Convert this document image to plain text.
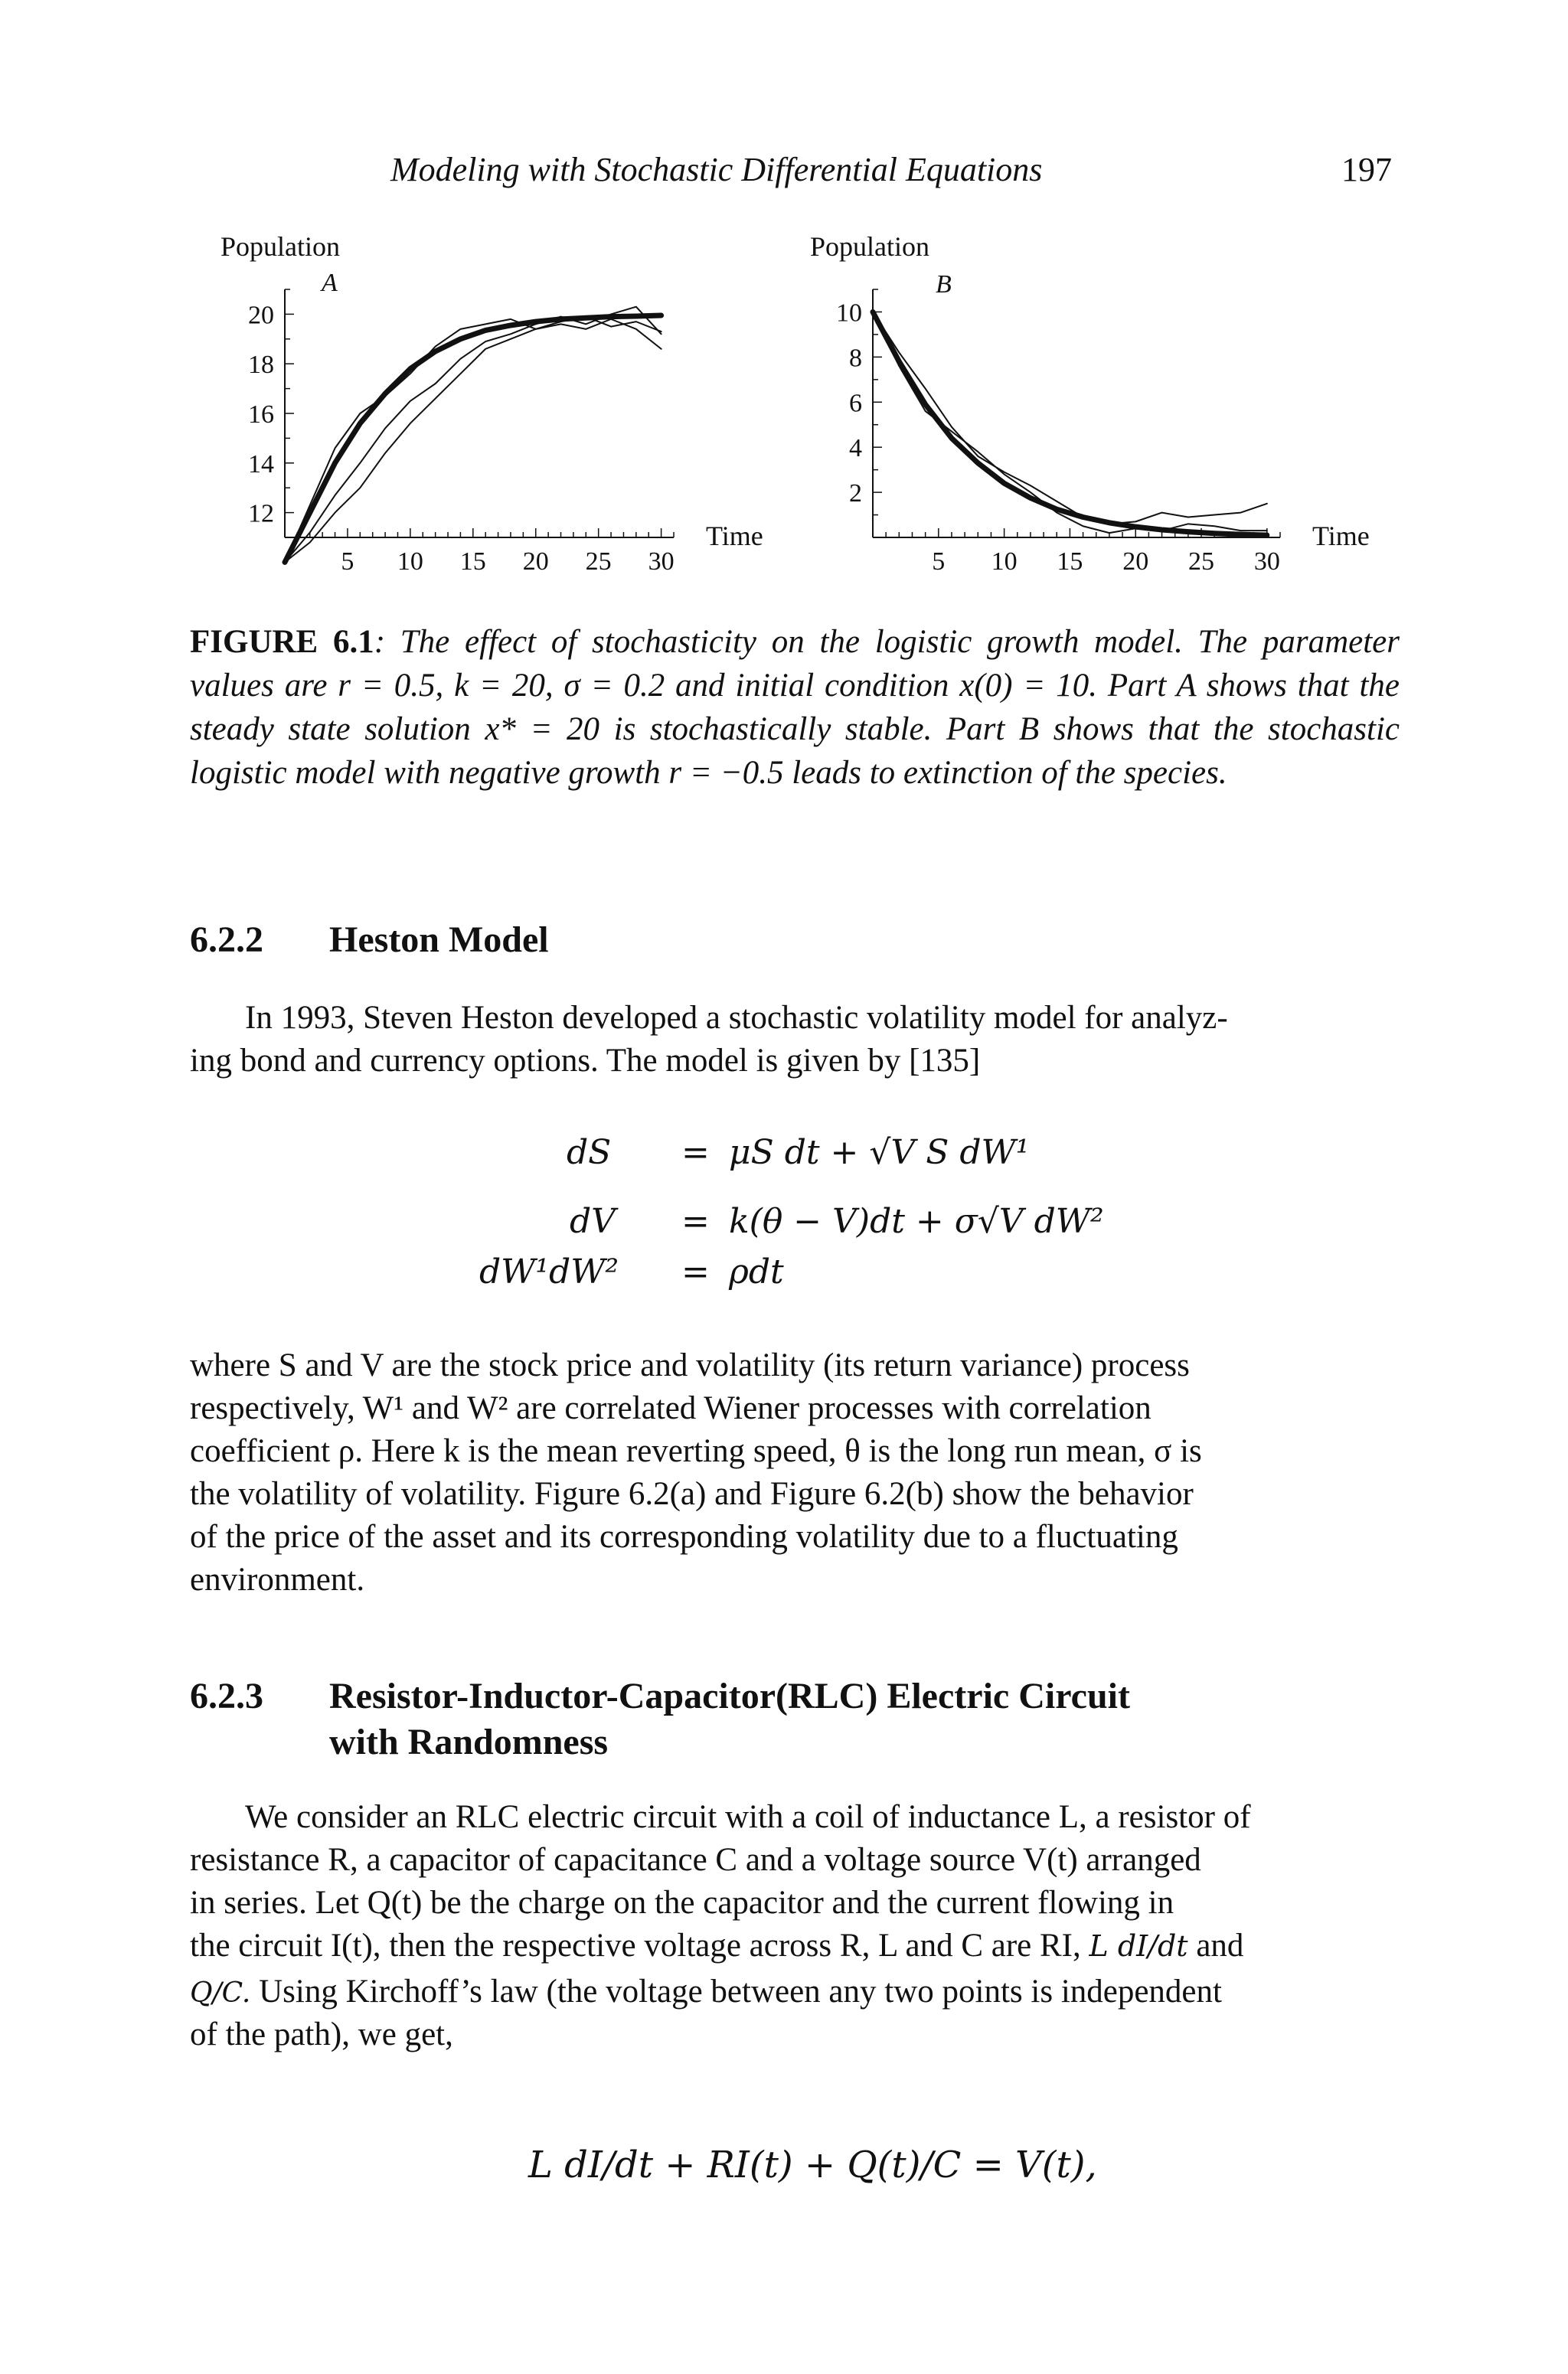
Modeling with Stochastic Differential Equations	197
Population
A
Time
5 10 15 20 25 30
12
14
16
18
20
Population
B
Time
5 10 15 20 25 30
2
4
6
8
10
FIGURE 6.1: The effect of stochasticity on the logistic growth model. The parameter values are r = 0.5, k = 20, σ = 0.2 and initial condition x(0) = 10. Part A shows that the steady state solution x* = 20 is stochastically stable. Part B shows that the stochastic logistic model with negative growth r = −0.5 leads to extinction of the species.
6.2.2 Heston Model
In 1993, Steven Heston developed a stochastic volatility model for analyz-
ing bond and currency options. The model is given by [135]
dS = μS dt + √V S dW¹
dV = k(θ − V)dt + σ√V dW²
dW¹dW² = ρdt
where S and V are the stock price and volatility (its return variance) process
respectively, W¹ and W² are correlated Wiener processes with correlation
coefficient ρ. Here k is the mean reverting speed, θ is the long run mean, σ is
the volatility of volatility. Figure 6.2(a) and Figure 6.2(b) show the behavior
of the price of the asset and its corresponding volatility due to a fluctuating
environment.
6.2.3 Resistor-Inductor-Capacitor(RLC) Electric Circuit
with Randomness
We consider an RLC electric circuit with a coil of inductance L, a resistor of
resistance R, a capacitor of capacitance C and a voltage source V(t) arranged
in series. Let Q(t) be the charge on the capacitor and the current flowing in
the circuit I(t), then the respective voltage across R, L and C are RI, L dI/dt and
Q/C. Using Kirchoff’s law (the voltage between any two points is independent
of the path), we get,
L dI/dt + RI(t) + Q(t)/C = V(t),
